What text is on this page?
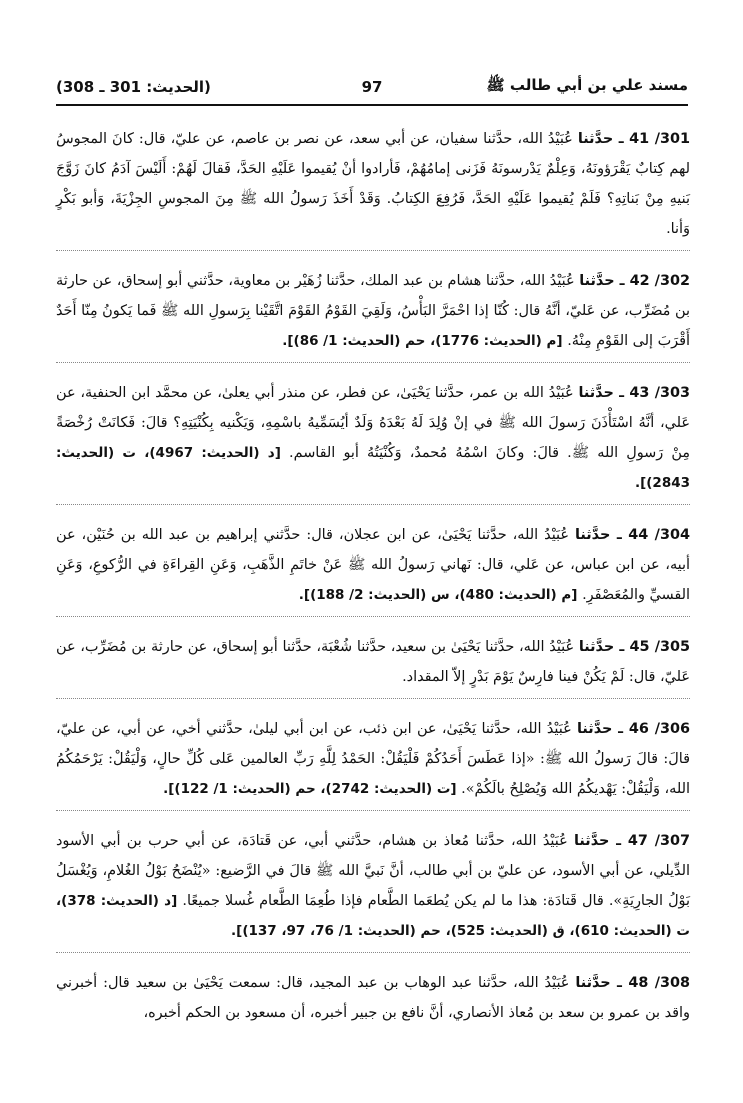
(الحديث: 301 ـ 308)	97	مسند علي بن أبي طالب ﷺ

301/ 41 ـ حدَّثنا عُبَيْدُ الله، حدَّثنا سفيان، عن أبي سعد، عن نصر بن عاصم، عن عليّ، قال: كانَ المجوسُ لهم كِتابٌ يَقْرَؤونَهُ، وَعِلْمٌ يَدْرسونَهُ فَزَنى إمامُهُمْ، فَأرادوا أنْ يُقيموا عَلَيْهِ الحَدَّ، فَقالَ لَهُمْ: أَلَيْسَ آدَمُ كانَ زَوَّجَ بَنيهِ مِنْ بَناتِهِ؟ فَلَمْ يُقيموا عَلَيْهِ الحَدَّ، فَرُفِعَ الكِتابُ. وَقَدْ أَخَذَ رَسولُ الله ﷺ مِنَ المجوسِ الجِزْيَةَ، وَأبو بَكْرٍ وَأنا.

302/ 42 ـ حدَّثنا عُبَيْدُ الله، حدَّثنا هشام بن عبد الملك، حدَّثنا زُهَيْر بن معاوية، حدَّثني أبو إسحاق، عن حارثة بن مُضَرِّب، عن عَليّ، أنَّهُ قال: كُنّا إذا احْمَرَّ البَأْسُ، وَلَقِيَ القَوْمُ القَوْمَ اتَّقَيْنا بِرَسولِ الله ﷺ فَما يَكونُ مِنّا أَحَدٌ أَقْرَبَ إلى القَوْمِ مِنْهُ. [م (الحديث: 1776)، حم (الحديث: 1/ 86)].

303/ 43 ـ حدَّثنا عُبَيْدُ الله بن عمر، حدَّثنا يَحْيَىٰ، عن فطر، عن منذر أبي يعلىٰ، عن محمَّد ابن الحنفية، عن عَلي، أنَّهُ اسْتَأْذَنَ رَسولَ الله ﷺ في إنْ وُلِدَ لَهُ بَعْدَهُ وَلَدٌ أيُسَمِّيهُ باسْمِهِ، وَيَكْنيه بِكُنْيَتِهِ؟ قالَ: فَكانَتْ رُخْصَةً مِنْ رَسولِ الله ﷺ. قالَ: وكانَ اسْمُهُ مُحمدٌ، وَكُنْيَتُهُ أبو القاسم. [د (الحديث: 4967)، ت (الحديث: 2843)].

304/ 44 ـ حدَّثنا عُبَيْدُ الله، حدَّثنا يَحْيَىٰ، عن ابن عجلان، قال: حدَّثني إبراهيم بن عبد الله بن حُنَيْن، عن أبيه، عن ابن عباس، عن عَلي، قال: نَهاني رَسولُ الله ﷺ عَنْ خاتَمِ الذَّهَبِ، وَعَنِ القِراءَةِ في الرُّكوعِ، وَعَنِ القسيِّ والمُعَصْفَرِ. [م (الحديث: 480)، س (الحديث: 2/ 188)].

305/ 45 ـ حدَّثنا عُبَيْدُ الله، حدَّثنا يَحْيَىٰ بن سعيد، حدَّثنا شُعْبَة، حدَّثنا أبو إسحاق، عن حارثة بن مُضَرِّب، عن عَليّ، قال: لَمْ يَكُنْ فينا فارِسٌ يَوْمَ بَدْرٍ إلاّ المقداد.

306/ 46 ـ حدَّثنا عُبَيْدُ الله، حدَّثنا يَحْيَىٰ، عن ابن ذئب، عن ابن أبي ليلىٰ، حدَّثني أخي، عن أبي، عن عليّ، قالَ: قالَ رَسولُ الله ﷺ: «إذا عَطَسَ أَحَدُكُمْ فَلْيَقُلْ: الحَمْدُ لِلَّهِ رَبِّ العالمين عَلى كُلِّ حالٍ، وَلْيَقُلْ: يَرْحَمُكُمُ الله، وَلْيَقُلْ: يَهْديكُمُ الله وَيُصْلِحُ بالَكُمْ». [ت (الحديث: 2742)، حم (الحديث: 1/ 122)].

307/ 47 ـ حدَّثنا عُبَيْدُ الله، حدَّثنا مُعاذ بن هشام، حدَّثني أبي، عن قَتادَة، عن أبي حرب بن أبي الأسود الدِّيلي، عن أبي الأسود، عن عليّ بن أبي طالب، أنَّ نَبيَّ الله ﷺ قالَ في الرَّضيع: «يُنْضَحُ بَوْلُ الغُلامِ، وَيُغْسَلُ بَوْلُ الجارِيَةِ». قال قَتادَة: هذا ما لم يكن يُطعَما الطَّعام فإذا طُعِمَا الطَّعام غُسلا جميعًا. [د (الحديث: 378)، ت (الحديث: 610)، ق (الحديث: 525)، حم (الحديث: 1/ 76، 97، 137)].

308/ 48 ـ حدَّثنا عُبَيْدُ الله، حدَّثنا عبد الوهاب بن عبد المجيد، قال: سمعت يَحْيَىٰ بن سعيد قال: أخبرني واقد بن عمرو بن سعد بن مُعاذ الأنصاري، أنَّ نافع بن جبير أخبره، أن مسعود بن الحكم أخبره،
